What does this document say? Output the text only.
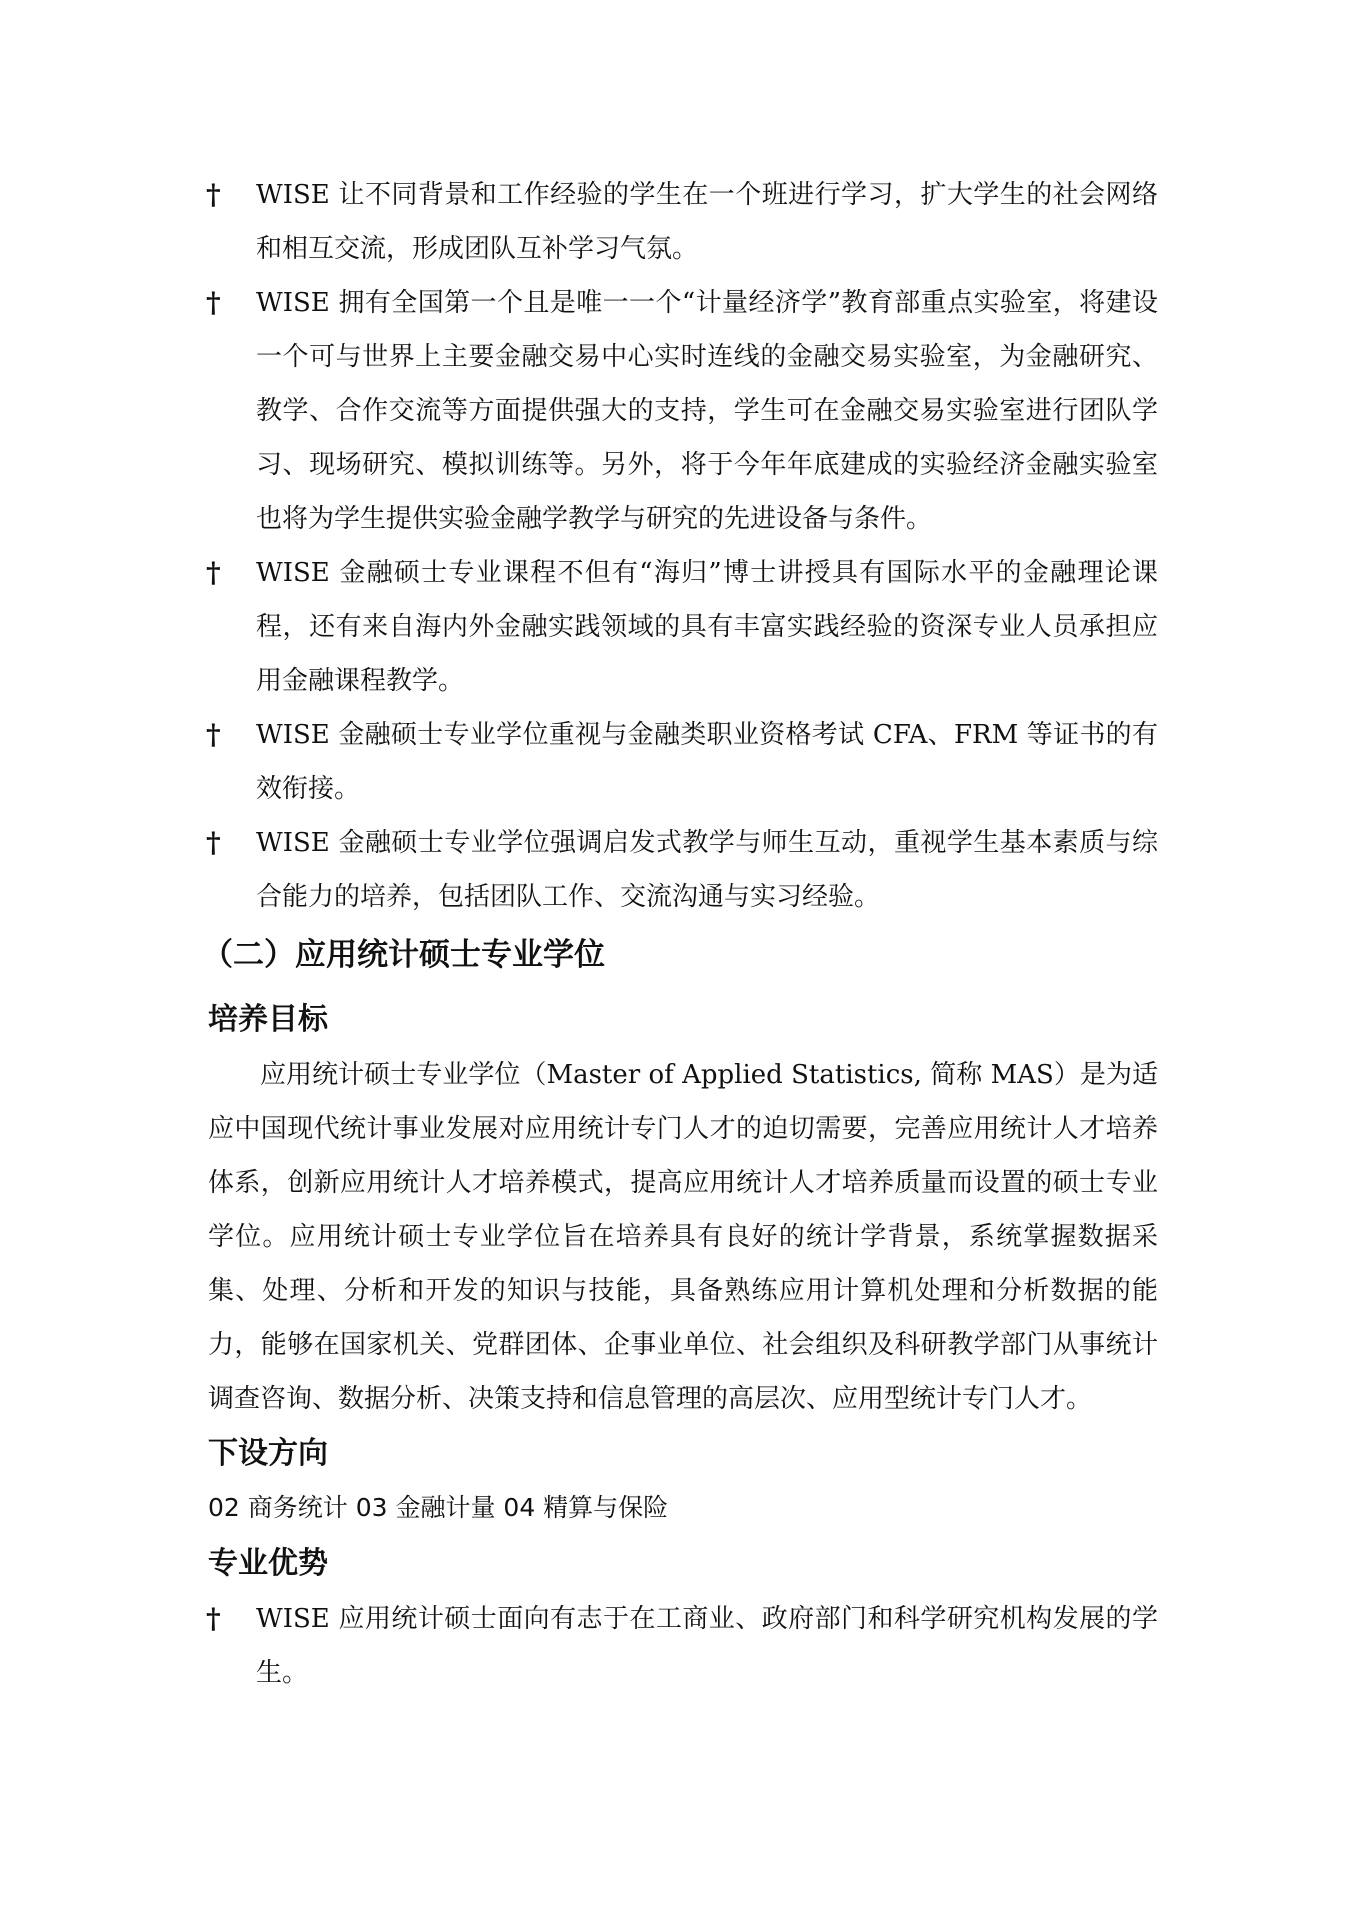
†	WISE 让不同背景和工作经验的学生在一个班进行学习，扩大学生的社会网络和相互交流，形成团队互补学习气氛。
†	WISE 拥有全国第一个且是唯一一个“计量经济学”教育部重点实验室，将建设一个可与世界上主要金融交易中心实时连线的金融交易实验室，为金融研究、教学、合作交流等方面提供强大的支持，学生可在金融交易实验室进行团队学习、现场研究、模拟训练等。另外，将于今年年底建成的实验经济金融实验室也将为学生提供实验金融学教学与研究的先进设备与条件。
†	WISE 金融硕士专业课程不但有“海归”博士讲授具有国际水平的金融理论课程，还有来自海内外金融实践领域的具有丰富实践经验的资深专业人员承担应用金融课程教学。
†	WISE 金融硕士专业学位重视与金融类职业资格考试 CFA、FRM 等证书的有效衔接。
†	WISE 金融硕士专业学位强调启发式教学与师生互动，重视学生基本素质与综合能力的培养，包括团队工作、交流沟通与实习经验。
（二）应用统计硕士专业学位
培养目标

应用统计硕士专业学位（Master of Applied Statistics, 简称 MAS）是为适应中国现代统计事业发展对应用统计专门人才的迫切需要，完善应用统计人才培养体系，创新应用统计人才培养模式，提高应用统计人才培养质量而设置的硕士专业学位。应用统计硕士专业学位旨在培养具有良好的统计学背景，系统掌握数据采集、处理、分析和开发的知识与技能，具备熟练应用计算机处理和分析数据的能力，能够在国家机关、党群团体、企事业单位、社会组织及科研教学部门从事统计调查咨询、数据分析、决策支持和信息管理的高层次、应用型统计专门人才。

下设方向
02 商务统计 03 金融计量 04 精算与保险
专业优势
†	WISE 应用统计硕士面向有志于在工商业、政府部门和科学研究机构发展的学生。
